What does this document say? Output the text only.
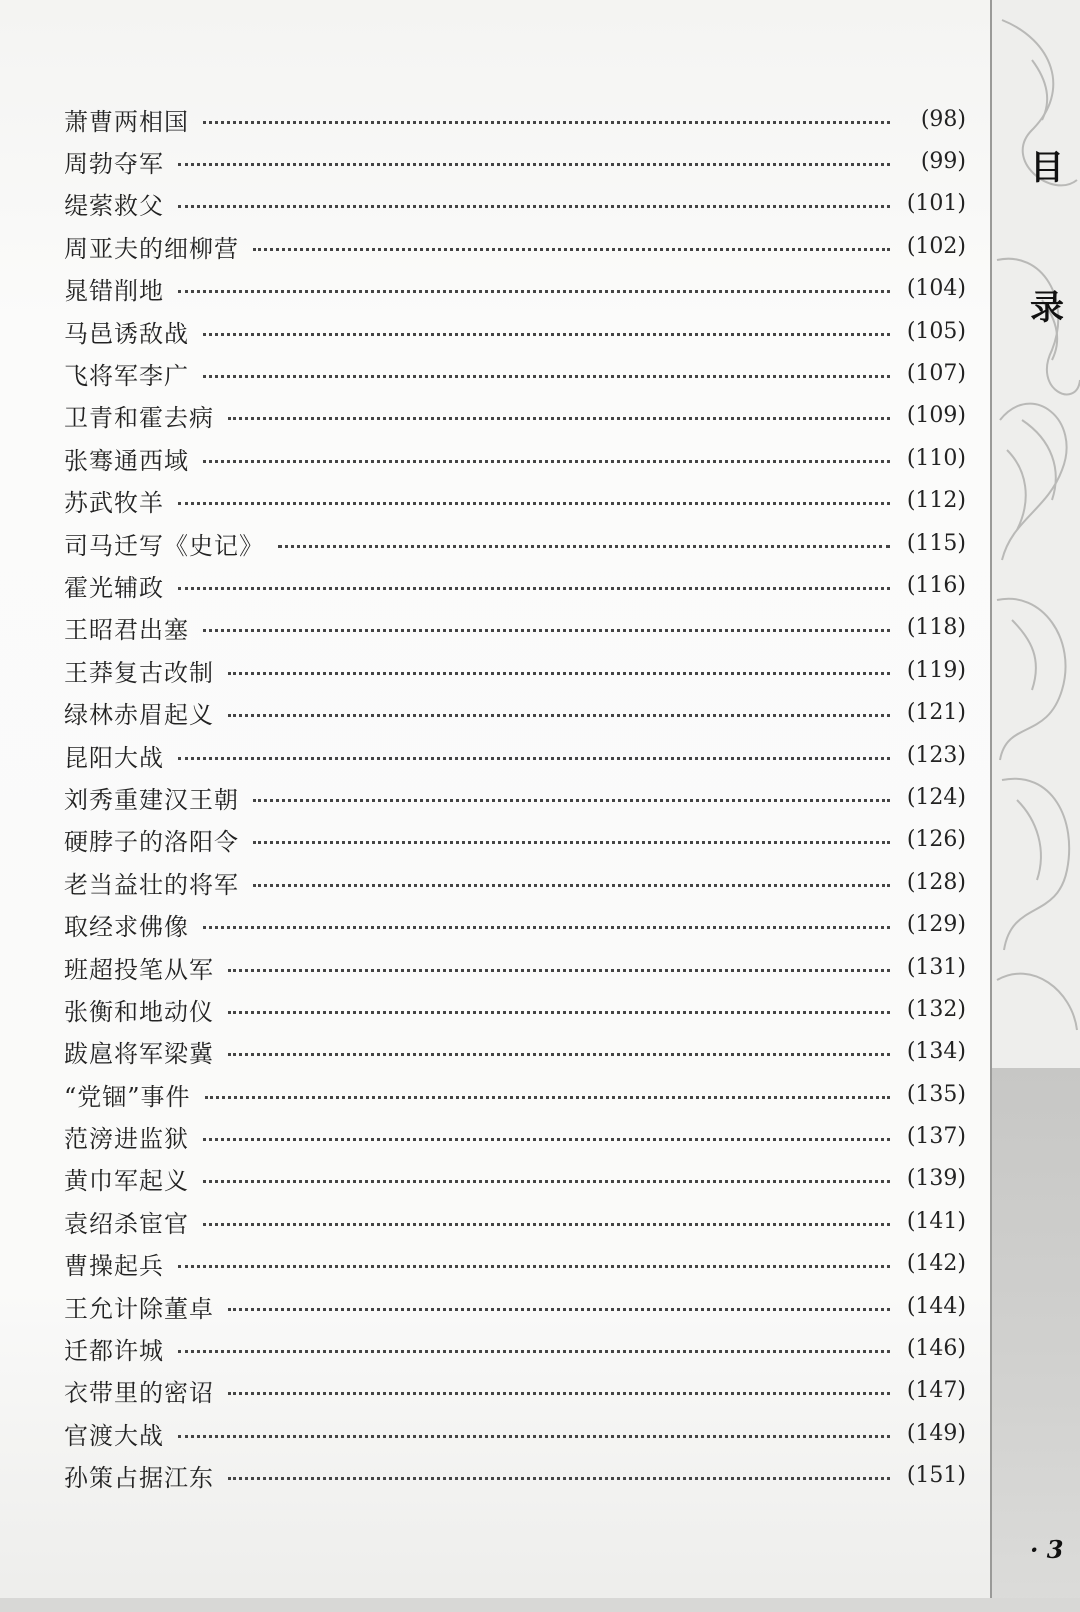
萧曹两相国	(98)
周勃夺军	(99)
缇萦救父	(101)
周亚夫的细柳营	(102)
晁错削地	(104)
马邑诱敌战	(105)
飞将军李广	(107)
卫青和霍去病	(109)
张骞通西域	(110)
苏武牧羊	(112)
司马迁写《史记》	(115)
霍光辅政	(116)
王昭君出塞	(118)
王莽复古改制	(119)
绿林赤眉起义	(121)
昆阳大战	(123)
刘秀重建汉王朝	(124)
硬脖子的洛阳令	(126)
老当益壮的将军	(128)
取经求佛像	(129)
班超投笔从军	(131)
张衡和地动仪	(132)
跋扈将军梁冀	(134)
“党锢”事件	(135)
范滂进监狱	(137)
黄巾军起义	(139)
袁绍杀宦官	(141)
曹操起兵	(142)
王允计除董卓	(144)
迁都许城	(146)
衣带里的密诏	(147)
官渡大战	(149)
孙策占据江东	(151)
目
录
· 3
